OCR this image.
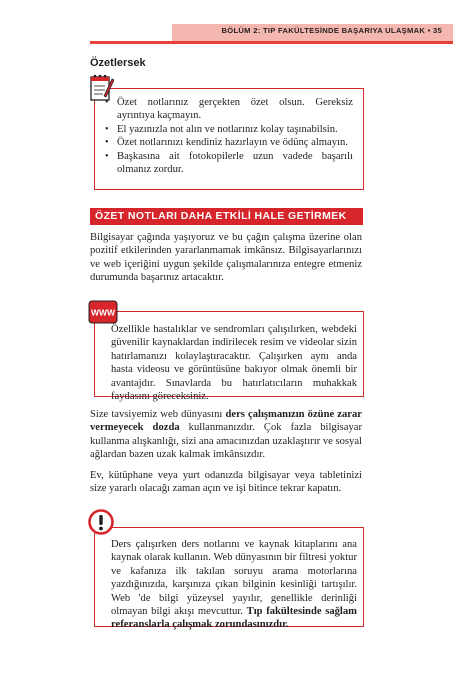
BÖLÜM 2: TIP FAKÜLTESİNDE BAŞARIYA ULAŞMAK • 35
Özetlersek
• Özet notlarınız gerçekten özet olsun. Gereksiz ayrıntıya kaçmayın.
• El yazınızla not alın ve notlarınız kolay taşınabilsin.
• Özet notlarınızı kendiniz hazırlayın ve ödünç almayın.
• Başkasına ait fotokopilerle uzun vadede başarılı olmanız zordur.
ÖZET NOTLARI DAHA ETKİLİ HALE GETİRMEK

Bilgisayar çağında yaşıyoruz ve bu çağın çalışma üzerine olan pozitif etkilerinden yararlanmamak imkânsız. Bilgisayarlarınızı ve web içeriğini uygun şekilde çalışmalarınıza entegre etmeniz durumunda başarınız artacaktır.

Özellikle hastalıklar ve sendromları çalışılırken, webdeki güvenilir kaynaklardan indirilecek resim ve videolar sizin hatırlamanızı kolaylaştıracaktır. Çalışırken aynı anda hasta videosu ve görüntüsüne bakıyor olmak önemli bir avantajdır. Sınavlarda bu hatırlatıcıların muhakkak faydasını göreceksiniz.

WWW

Size tavsiyemiz web dünyasını ders çalışmanızın özüne zarar vermeyecek dozda kullanmanızdır. Çok fazla bilgisayar kullanma alışkanlığı, sizi ana amacınızdan uzaklaştırır ve sosyal ağlardan bazen uzak kalmak imkânsızdır.

Ev, kütüphane veya yurt odanızda bilgisayar veya tabletinizi size yararlı olacağı zaman açın ve işi bitince tekrar kapatın.

Ders çalışırken ders notlarını ve kaynak kitaplarını ana kaynak olarak kullanın. Web dünyasının bir filtresi yoktur ve kafanıza ilk takılan soruyu arama motorlarına yazdığınızda, karşınıza çıkan bilginin kesinliği tartışılır. Web 'de bilgi yüzeysel yayılır, genellikle derinliği olmayan bilgi akışı mevcuttur. Tıp fakültesinde sağlam referanslarla çalışmak zorundasınızdır.
